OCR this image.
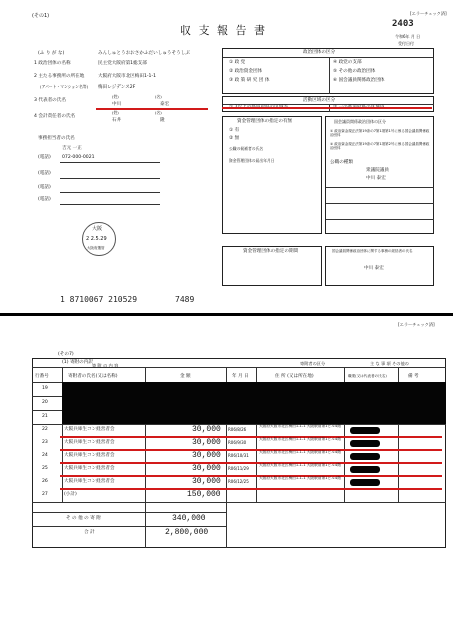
(その1)
収 支 報 告 書
[エラーチェック済]
2403
令和6年 月 日
受付日付
(ふ り が な)	みんしゅとうおおさかふだいしゅうそうしぶ
1 政治団体の名称	民主党大阪府第1総支部
2 主たる事務所の所在地	大阪府大阪市北区梅田1-1-1
(アパート・マンション名等) 梅田レジデンス2F
3 代表者の氏名
(姓)	(名)
中川	泰宏
4 会計責任者の氏名
(姓)	(名)
石井	隆
事務担当者の氏名
吉元 一正
(電話) 072-000-0021
(電話)
(電話)
(電話)
大阪
2 2.5.29
大阪府選管
1 8710067 210529	7489
政治団体の区分
① 政 党
② 政治資金団体
③ 政 策 研 究 団 体
④ 政党の支部
⑤ その他の政治団体
⑥ 国会議員関係政治団体
活動区域の区分
資金管理団体の指定の有無
① 有
② 無
公職の候補者の氏名
資金管理団体の届出年月日
国会議員関係政治団体の区分
① 政治資金規正法第19条の7第1項第1号に係る国会議員関係政治団体
② 政治資金規正法第19条の7第1項第2号に係る国会議員関係政治団体
公職の種類
衆議院議員
中川 泰宏
資金管理団体の指定の期間	国会議員関係政治団体に関する事務の総括者の氏名
中川 泰宏
(その7)
[エラーチェック済]
(1) 寄附の内訳
寄 附 の 内 容	寄附者の区分	主 な 事 項 その他の
行番号	寄附者の氏名(又は名称)	金 額	年 月 日	住 所 (又は所在地)	職業(又は代表者の氏名)	備 考
19
20
21
22	大阪兵庫生コン経営者会	30,000 R06/8/26
大阪府大阪市北区梅田1-1-1 大阪駅前第1ビル4階
23	大阪兵庫生コン経営者会	30,000 R06/9/30
大阪府大阪市北区梅田1-1-1 大阪駅前第1ビル4階
24	大阪兵庫生コン経営者会	30,000 R06/10/31
大阪府大阪市北区梅田1-1-1 大阪駅前第1ビル4階
25	大阪兵庫生コン経営者会	30,000 R06/11/29
大阪府大阪市北区梅田1-1-1 大阪駅前第1ビル4階
26	大阪兵庫生コン経営者会	30,000 R06/12/25
大阪府大阪市北区梅田1-1-1 大阪駅前第1ビル4階
27	(小計)	150,000
そ の 他 の 寄 附	340,000
合 計	2,800,000
